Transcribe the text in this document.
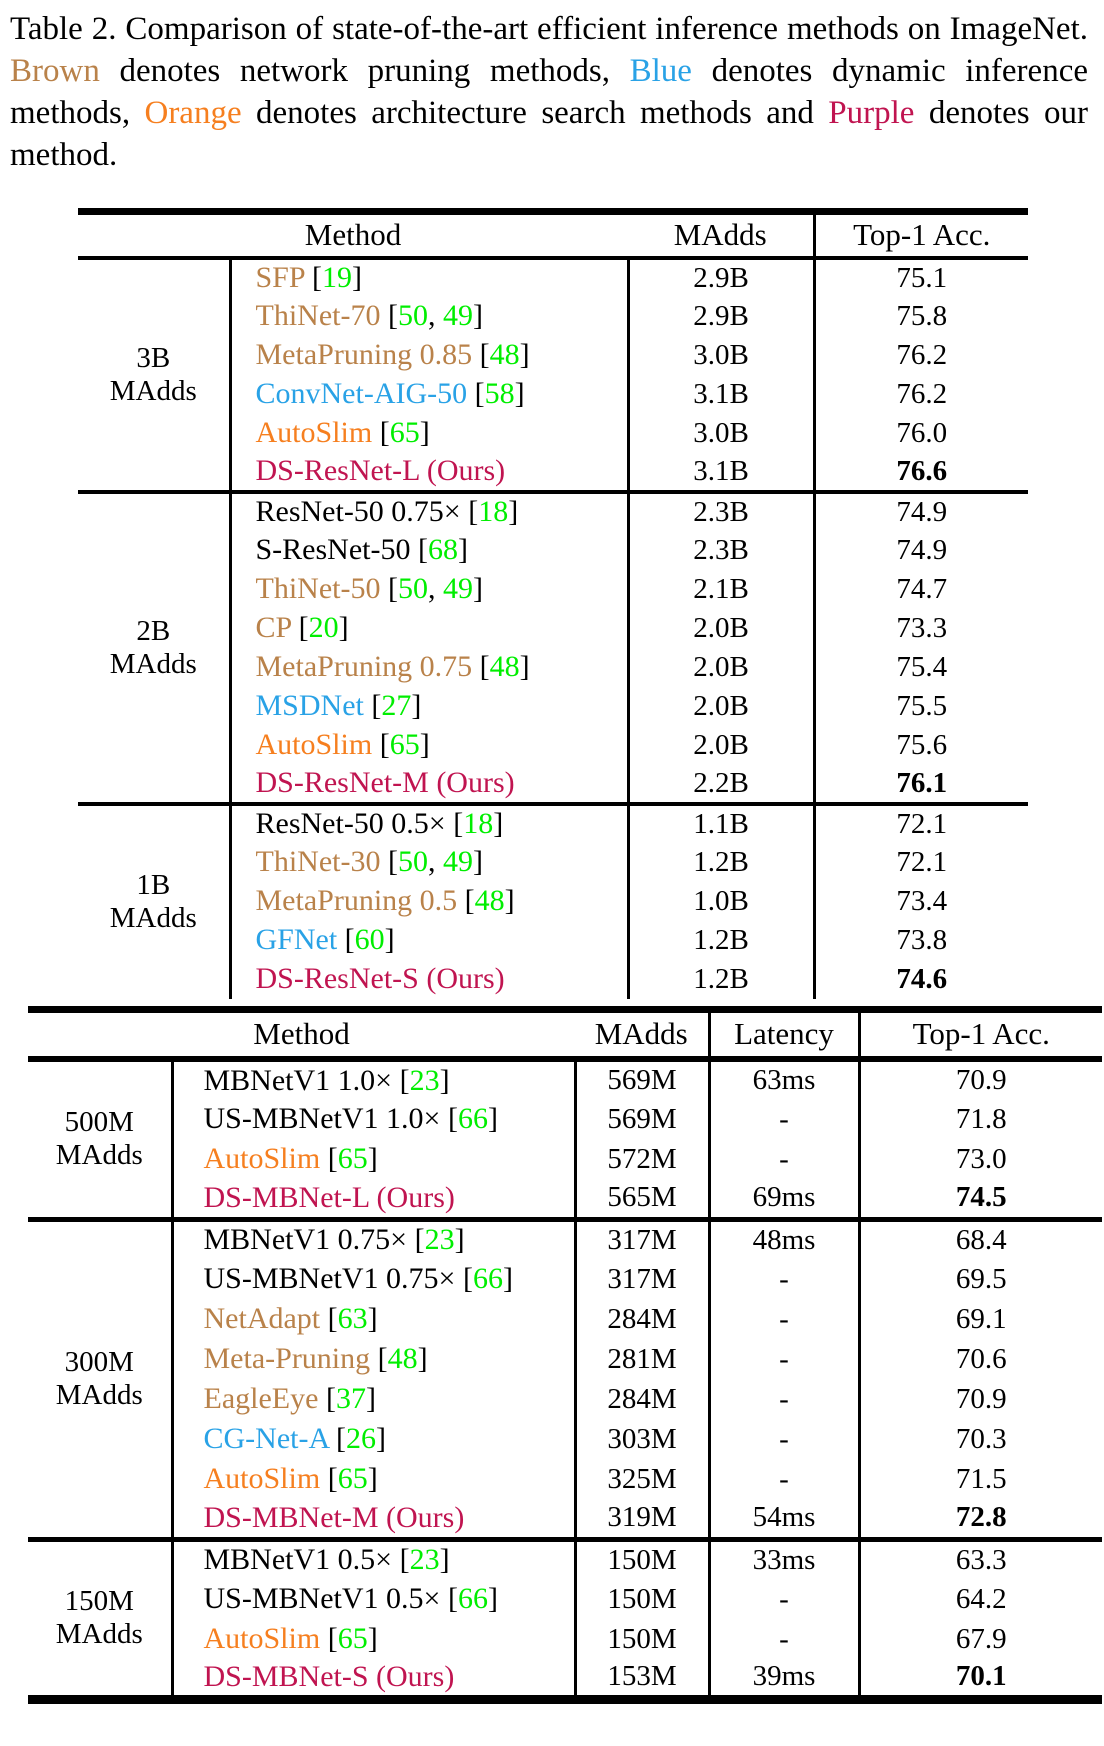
Table 2. Comparison of state-of-the-art efficient inference methods on ImageNet. Brown denotes network pruning methods, Blue denotes dynamic inference methods, Orange denotes architecture search methods and Purple denotes our method.

Method		MAdds	Top-1 Acc.

3B
MAdds	SFP [19]	2.9B	75.1
	ThiNet-70 [50, 49]	2.9B	75.8
	MetaPruning 0.85 [48]	3.0B	76.2
	ConvNet-AIG-50 [58]	3.1B	76.2
	AutoSlim [65]	3.0B	76.0
	DS-ResNet-L (Ours)	3.1B	76.6

2B
MAdds	ResNet-50 0.75× [18]	2.3B	74.9
	S-ResNet-50 [68]	2.3B	74.9
	ThiNet-50 [50, 49]	2.1B	74.7
	CP [20]	2.0B	73.3
	MetaPruning 0.75 [48]	2.0B	75.4
	MSDNet [27]	2.0B	75.5
	AutoSlim [65]	2.0B	75.6
	DS-ResNet-M (Ours)	2.2B	76.1

1B
MAdds	ResNet-50 0.5× [18]	1.1B	72.1
	ThiNet-30 [50, 49]	1.2B	72.1
	MetaPruning 0.5 [48]	1.0B	73.4
	GFNet [60]	1.2B	73.8
	DS-ResNet-S (Ours)	1.2B	74.6
Method		MAdds	Latency	Top-1 Acc.

500M
MAdds	MBNetV1 1.0× [23]	569M	63ms	70.9
	US-MBNetV1 1.0× [66]	569M	-	71.8
	AutoSlim [65]	572M	-	73.0
	DS-MBNet-L (Ours)	565M	69ms	74.5

300M
MAdds	MBNetV1 0.75× [23]	317M	48ms	68.4
	US-MBNetV1 0.75× [66]	317M	-	69.5
	NetAdapt [63]	284M	-	69.1
	Meta-Pruning [48]	281M	-	70.6
	EagleEye [37]	284M	-	70.9
	CG-Net-A [26]	303M	-	70.3
	AutoSlim [65]	325M	-	71.5
	DS-MBNet-M (Ours)	319M	54ms	72.8

150M
MAdds	MBNetV1 0.5× [23]	150M	33ms	63.3
	US-MBNetV1 0.5× [66]	150M	-	64.2
	AutoSlim [65]	150M	-	67.9
	DS-MBNet-S (Ours)	153M	39ms	70.1
